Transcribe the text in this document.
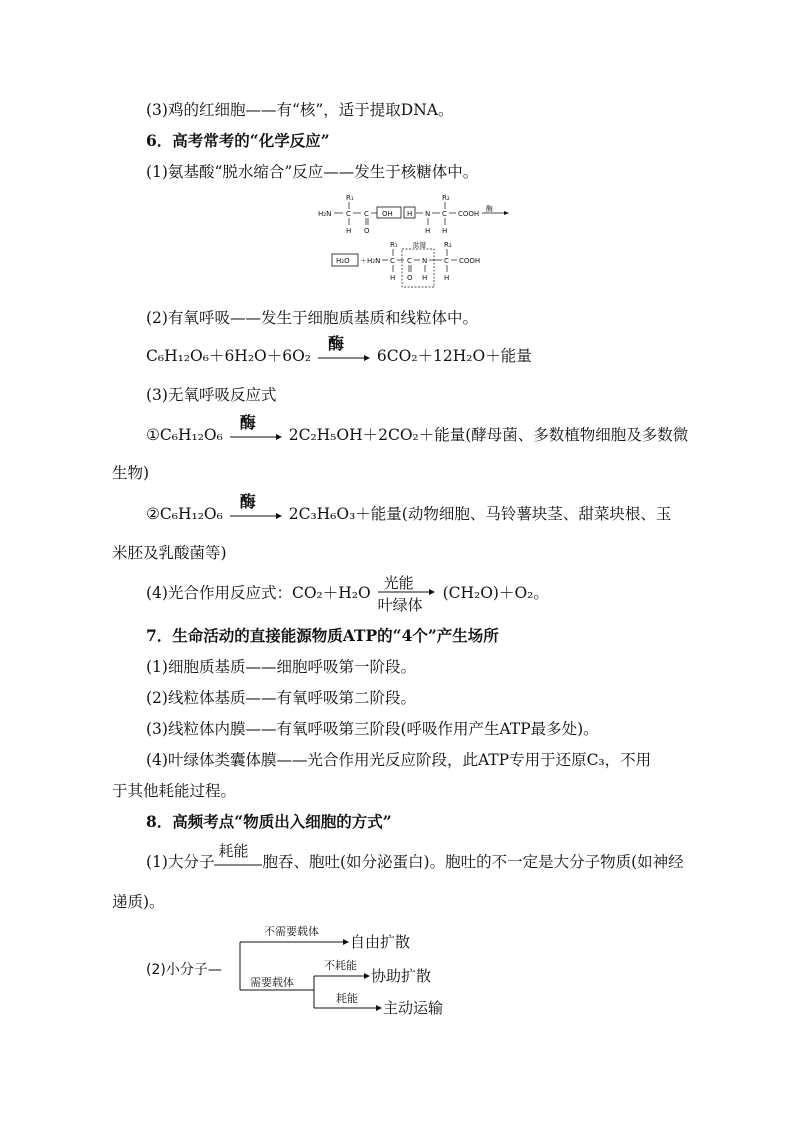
(3)鸡的红细胞——有“核”，适于提取DNA。
6．高考常考的“化学反应”
(1)氨基酸“脱水缩合”反应——发生于核糖体中。
R₁	R₂
H₂N C C OH H N C COOH
酶
H O	H H
R₁ 肽键	R₂
H₂O ＋H₂N C C N C COOH
H O H H
(2)有氧呼吸——发生于细胞质基质和线粒体中。
C₆H₁₂O₆＋6H₂O＋6O₂
酶
6CO₂＋12H₂O＋能量
(3)无氧呼吸反应式
①C₆H₁₂O₆
酶
2C₂H₅OH＋2CO₂＋能量(酵母菌、多数植物细胞及多数微
生物)
②C₆H₁₂O₆
酶
2C₃H₆O₃＋能量(动物细胞、马铃薯块茎、甜菜块根、玉
米胚及乳酸菌等)
(4)光合作用反应式：CO₂＋H₂O
光能
叶绿体
(CH₂O)＋O₂。
7．生命活动的直接能源物质ATP的“4个”产生场所
(1)细胞质基质——细胞呼吸第一阶段。
(2)线粒体基质——有氧呼吸第二阶段。
(3)线粒体内膜——有氧呼吸第三阶段(呼吸作用产生ATP最多处)。
(4)叶绿体类囊体膜——光合作用光反应阶段，此ATP专用于还原C₃，不用
于其他耗能过程。
8．高频考点“物质出入细胞的方式”
(1)大分子
耗能
胞吞、胞吐(如分泌蛋白)。胞吐的不一定是大分子物质(如神经
递质)。
(2)小分子—
不需要载体
自由扩散
需要载体
不耗能
协助扩散
耗能
主动运输
